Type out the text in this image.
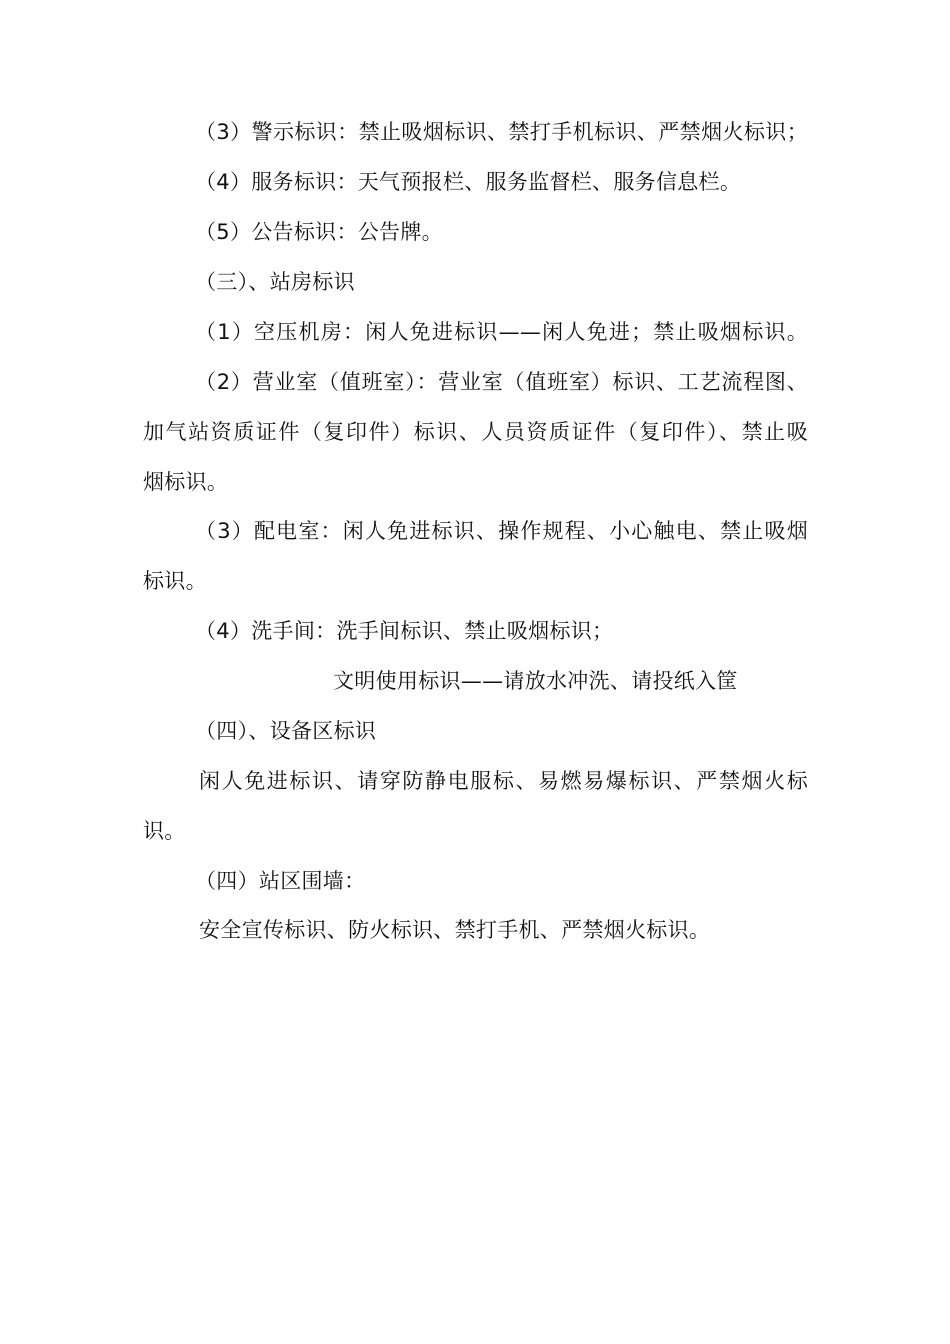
（3）警示标识：禁止吸烟标识、禁打手机标识、严禁烟火标识；
（4）服务标识：天气预报栏、服务监督栏、服务信息栏。
（5）公告标识：公告牌。
（三）、站房标识
（1）空压机房：闲人免进标识——闲人免进；禁止吸烟标识。
（2）营业室（值班室）：营业室（值班室）标识、工艺流程图、
加气站资质证件（复印件）标识、人员资质证件（复印件）、禁止吸
烟标识。
（3）配电室：闲人免进标识、操作规程、小心触电、禁止吸烟
标识。
（4）洗手间：洗手间标识、禁止吸烟标识；
文明使用标识——请放水冲洗、请投纸入筐
（四）、设备区标识
闲人免进标识、请穿防静电服标、易燃易爆标识、严禁烟火标
识。
（四）站区围墙：
安全宣传标识、防火标识、禁打手机、严禁烟火标识。
